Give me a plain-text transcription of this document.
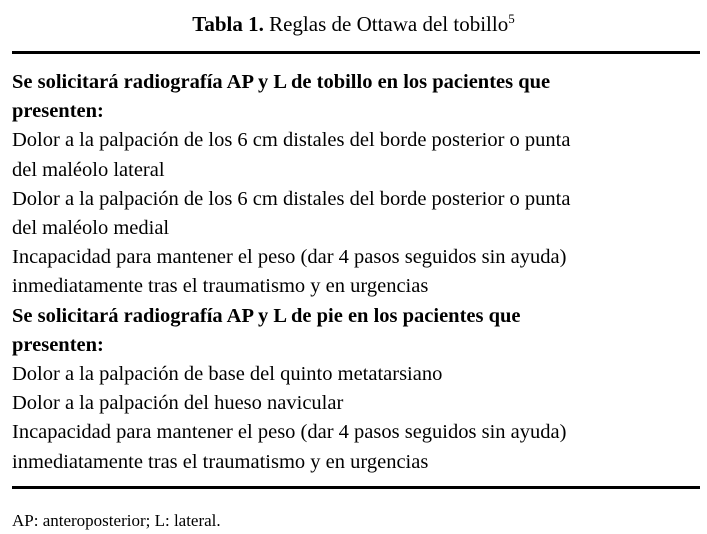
Tabla 1. Reglas de Ottawa del tobillo$^5$
Se solicitará radiografía AP y L de tobillo en los pacientes que
presenten:
Dolor a la palpación de los 6 cm distales del borde posterior o punta
del maléolo lateral
Dolor a la palpación de los 6 cm distales del borde posterior o punta
del maléolo medial
Incapacidad para mantener el peso (dar 4 pasos seguidos sin ayuda)
inmediatamente tras el traumatismo y en urgencias
Se solicitará radiografía AP y L de pie en los pacientes que
presenten:
Dolor a la palpación de base del quinto metatarsiano
Dolor a la palpación del hueso navicular
Incapacidad para mantener el peso (dar 4 pasos seguidos sin ayuda)
inmediatamente tras el traumatismo y en urgencias
AP: anteroposterior; L: lateral.
